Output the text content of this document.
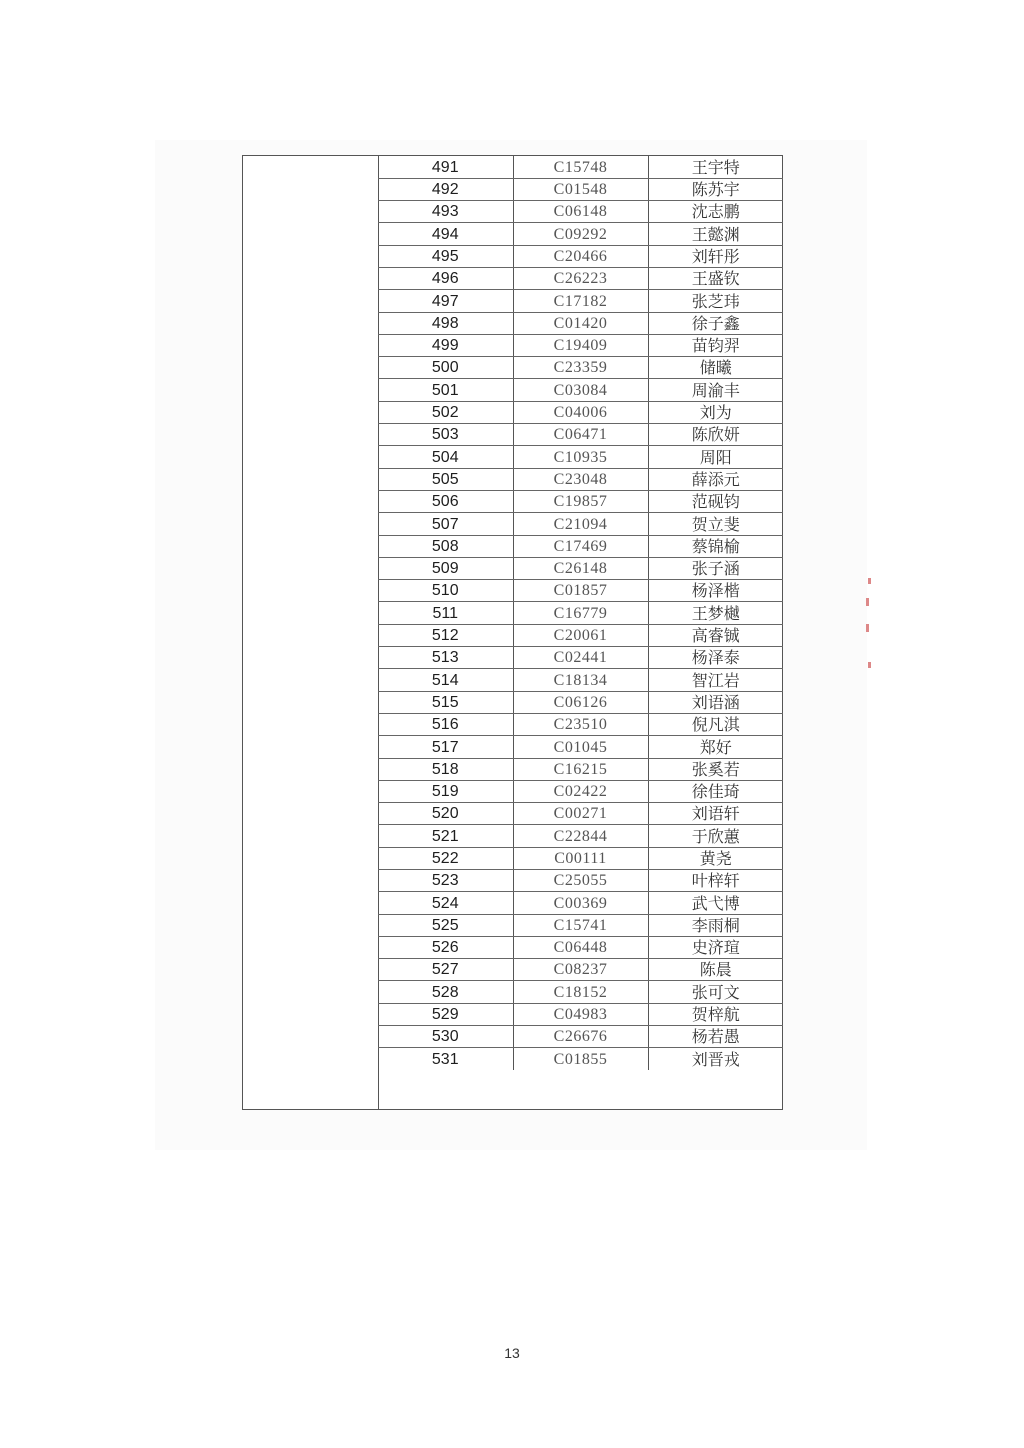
491	C15748	王宇特
492	C01548	陈苏宇
493	C06148	沈志鹏
494	C09292	王懿渊
495	C20466	刘轩彤
496	C26223	王盛钦
497	C17182	张芝玮
498	C01420	徐子鑫
499	C19409	苗钧羿
500	C23359	储曦
501	C03084	周渝丰
502	C04006	刘为
503	C06471	陈欣妍
504	C10935	周阳
505	C23048	薛添元
506	C19857	范砚钧
507	C21094	贺立斐
508	C17469	蔡锦榆
509	C26148	张子涵
510	C01857	杨泽楷
511	C16779	王梦樾
512	C20061	高睿铖
513	C02441	杨泽泰
514	C18134	智江岩
515	C06126	刘语涵
516	C23510	倪凡淇
517	C01045	郑好
518	C16215	张奚若
519	C02422	徐佳琦
520	C00271	刘语轩
521	C22844	于欣蕙
522	C00111	黄尧
523	C25055	叶梓轩
524	C00369	武弋博
525	C15741	李雨桐
526	C06448	史济瑄
527	C08237	陈晨
528	C18152	张可文
529	C04983	贺梓航
530	C26676	杨若愚
531	C01855	刘晋戎
13
